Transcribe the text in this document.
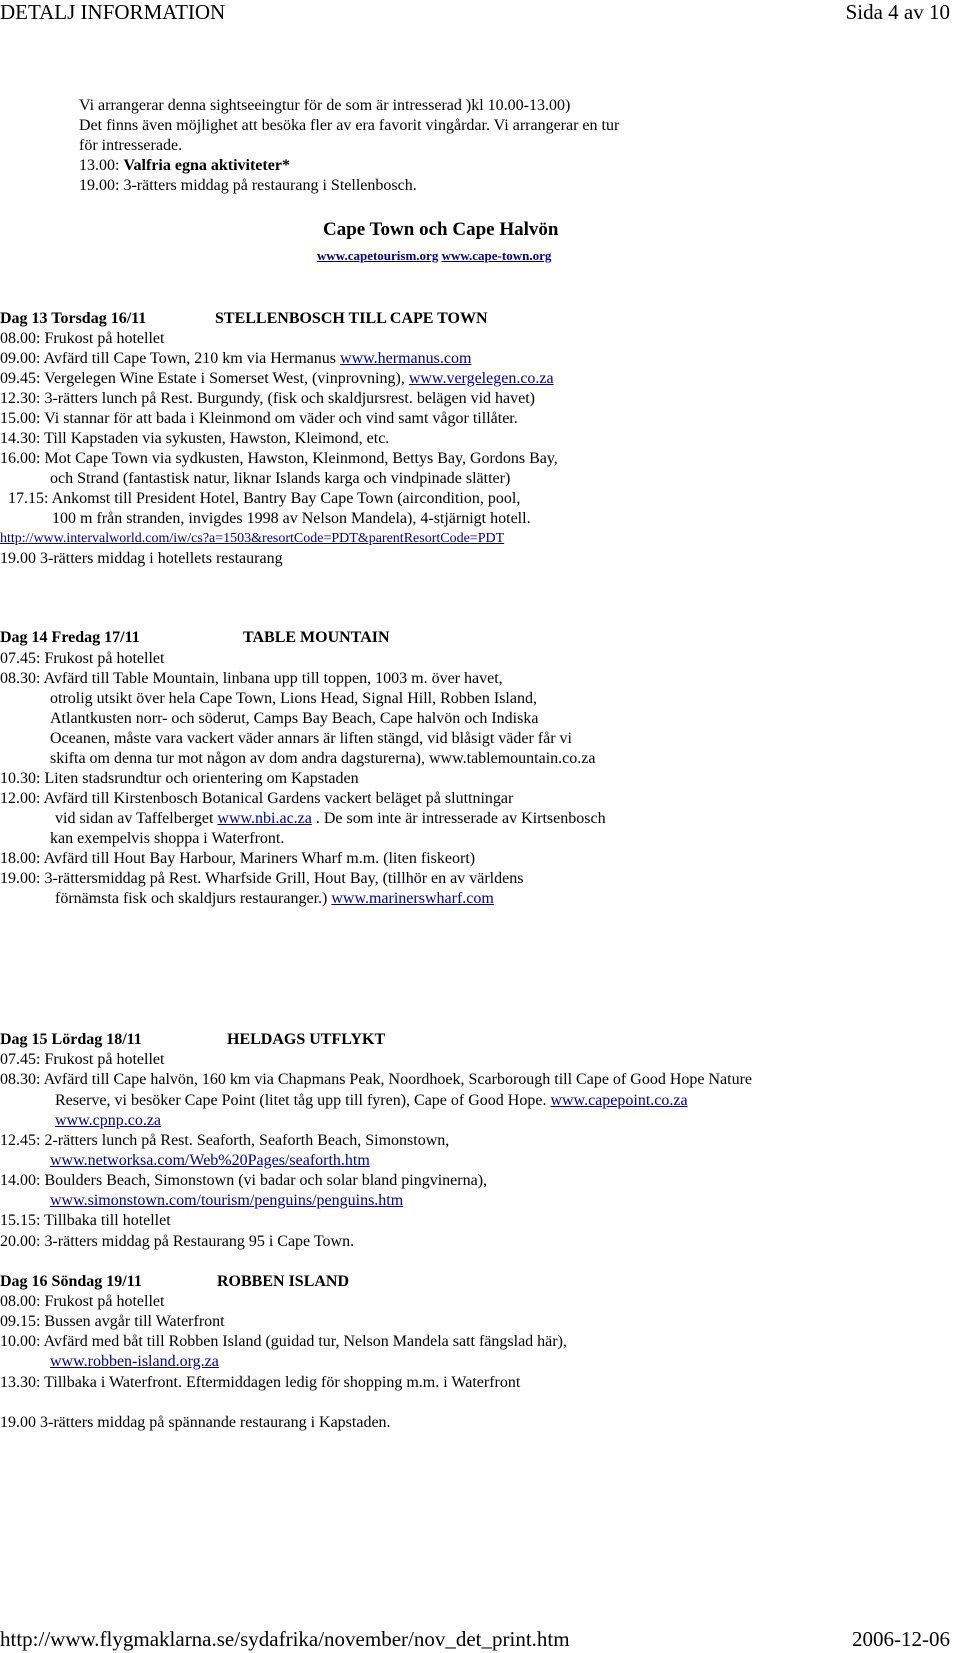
DETALJ INFORMATION	Sida 4 av 10
Vi arrangerar denna sightseeingtur för de som är intresserad )kl 10.00-13.00)
Det finns även möjlighet att besöka fler av era favorit vingårdar. Vi arrangerar en tur
för intresserade.
13.00: Valfria egna aktiviteter*
19.00: 3-rätters middag på restaurang i Stellenbosch.
Cape Town och Cape Halvön
www.capetourism.org www.cape-town.org
Dag 13 Torsdag 16/11	STELLENBOSCH TILL CAPE TOWN
08.00: Frukost på hotellet
09.00: Avfärd till Cape Town, 210 km via Hermanus www.hermanus.com
09.45: Vergelegen Wine Estate i Somerset West, (vinprovning), www.vergelegen.co.za
12.30: 3-rätters lunch på Rest. Burgundy, (fisk och skaldjursrest. belägen vid havet)
15.00: Vi stannar för att bada i Kleinmond om väder och vind samt vågor tillåter.
14.30: Till Kapstaden via sykusten, Hawston, Kleimond, etc.
16.00: Mot Cape Town via sydkusten, Hawston, Kleinmond, Bettys Bay, Gordons Bay,
och Strand (fantastisk natur, liknar Islands karga och vindpinade slätter)
17.15: Ankomst till President Hotel, Bantry Bay Cape Town (aircondition, pool,
100 m från stranden, invigdes 1998 av Nelson Mandela), 4-stjärnigt hotell.
http://www.intervalworld.com/iw/cs?a=1503&resortCode=PDT&parentResortCode=PDT
19.00 3-rätters middag i hotellets restaurang
Dag 14 Fredag 17/11	TABLE MOUNTAIN
07.45: Frukost på hotellet
08.30: Avfärd till Table Mountain, linbana upp till toppen, 1003 m. över havet,
otrolig utsikt över hela Cape Town, Lions Head, Signal Hill, Robben Island,
Atlantkusten norr- och söderut, Camps Bay Beach, Cape halvön och Indiska
Oceanen, måste vara vackert väder annars är liften stängd, vid blåsigt väder får vi
skifta om denna tur mot någon av dom andra dagsturerna), www.tablemountain.co.za
10.30: Liten stadsrundtur och orientering om Kapstaden
12.00: Avfärd till Kirstenbosch Botanical Gardens vackert beläget på sluttningar
vid sidan av Taffelberget www.nbi.ac.za . De som inte är intresserade av Kirtsenbosch
kan exempelvis shoppa i Waterfront.
18.00: Avfärd till Hout Bay Harbour, Mariners Wharf m.m. (liten fiskeort)
19.00: 3-rättersmiddag på Rest. Wharfside Grill, Hout Bay, (tillhör en av världens
förnämsta fisk och skaldjurs restauranger.) www.marinerswharf.com
Dag 15 Lördag 18/11	HELDAGS UTFLYKT
07.45: Frukost på hotellet
08.30: Avfärd till Cape halvön, 160 km via Chapmans Peak, Noordhoek, Scarborough till Cape of Good Hope Nature
Reserve, vi besöker Cape Point (litet tåg upp till fyren), Cape of Good Hope. www.capepoint.co.za
www.cpnp.co.za
12.45: 2-rätters lunch på Rest. Seaforth, Seaforth Beach, Simonstown,
www.networksa.com/Web%20Pages/seaforth.htm
14.00: Boulders Beach, Simonstown (vi badar och solar bland pingvinerna),
www.simonstown.com/tourism/penguins/penguins.htm
15.15: Tillbaka till hotellet
20.00: 3-rätters middag på Restaurang 95 i Cape Town.
Dag 16 Söndag 19/11	ROBBEN ISLAND
08.00: Frukost på hotellet
09.15: Bussen avgår till Waterfront
10.00: Avfärd med båt till Robben Island (guidad tur, Nelson Mandela satt fängslad här),
www.robben-island.org.za
13.30: Tillbaka i Waterfront. Eftermiddagen ledig för shopping m.m. i Waterfront
19.00 3-rätters middag på spännande restaurang i Kapstaden.
http://www.flygmaklarna.se/sydafrika/november/nov_det_print.htm	2006-12-06
